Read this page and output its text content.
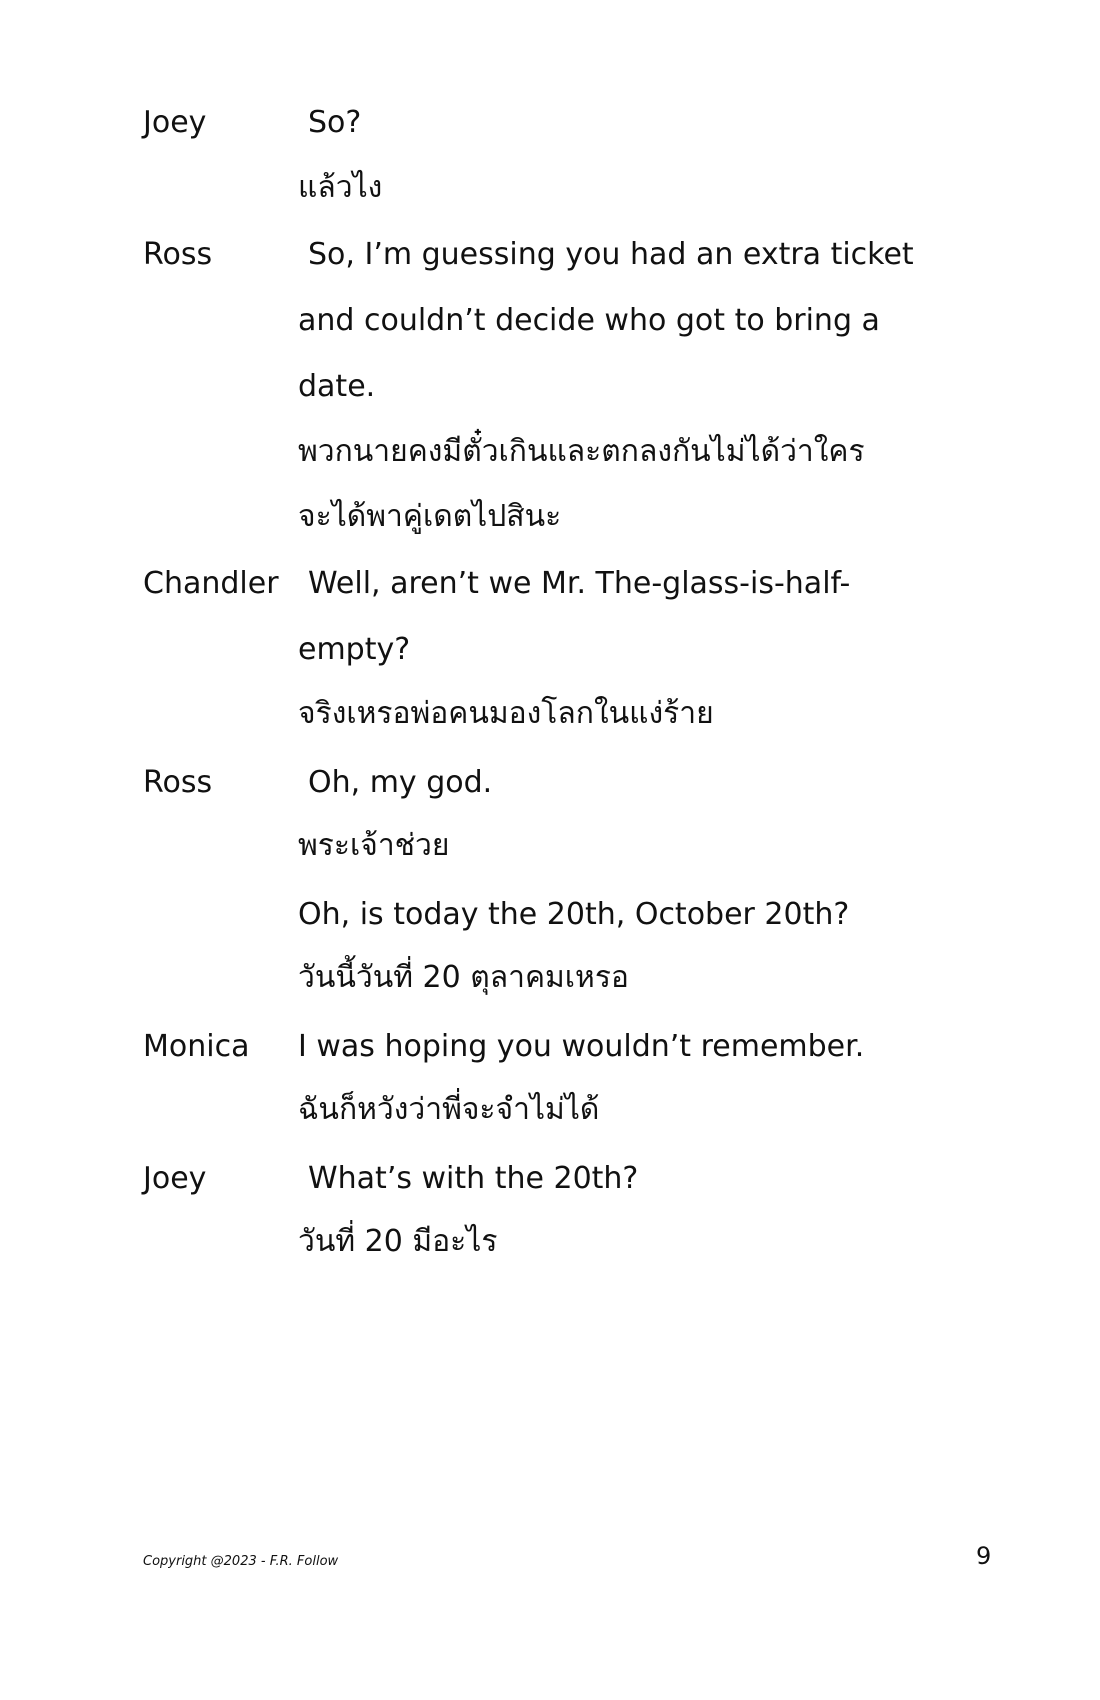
Joey	So?
แล้วไง
Ross	So, I’m guessing you had an extra ticket
and couldn’t decide who got to bring a
date.
พวกนายคงมีตั๋วเกินและตกลงกันไม่ได้ว่าใคร
จะได้พาคู่เดตไปสินะ
Chandler Well, aren’t we Mr. The-glass-is-half-
empty?
จริงเหรอพ่อคนมองโลกในแง่ร้าย
Ross	Oh, my god.
พระเจ้าช่วย
Oh, is today the 20th, October 20th?
วันนี้วันที่ 20 ตุลาคมเหรอ
Monica I was hoping you wouldn’t remember.
ฉันก็หวังว่าพี่จะจำไม่ได้
Joey	What’s with the 20th?
วันที่ 20 มีอะไร
Copyright @2023 - F.R. Follow	9
